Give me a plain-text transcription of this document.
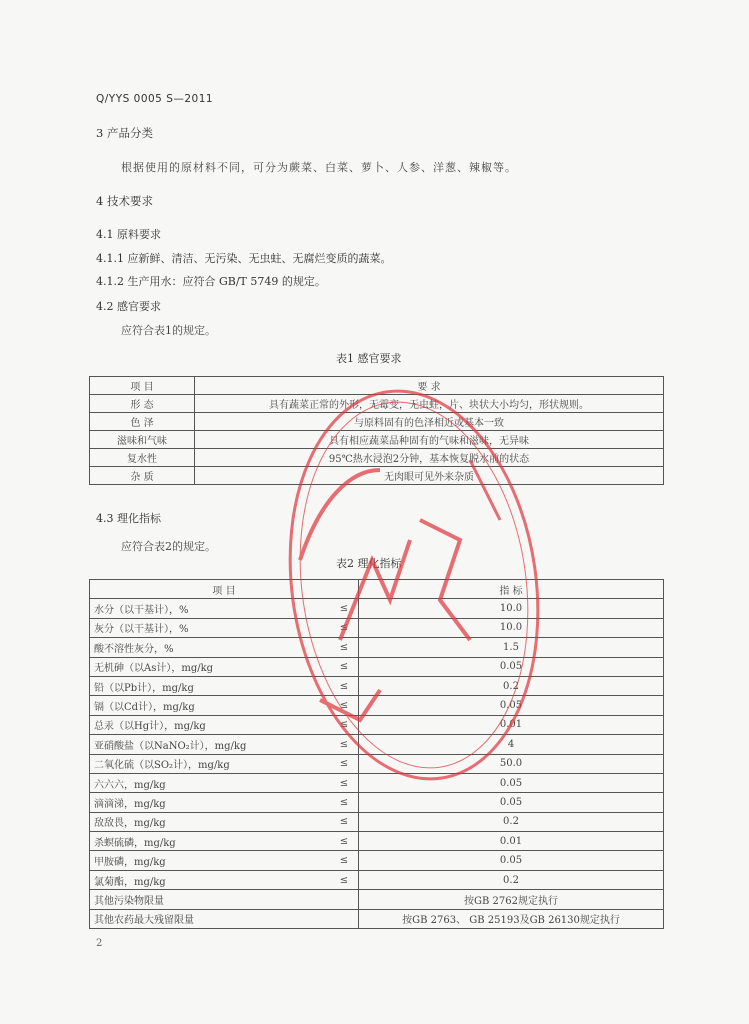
Q/YYS 0005 S—2011
3 产品分类
根据使用的原材料不同，可分为蕨菜、白菜、萝卜、人参、洋葱、辣椒等。
4 技术要求
4.1 原料要求
4.1.1 应新鲜、清洁、无污染、无虫蛀、无腐烂变质的蔬菜。
4.1.2 生产用水：应符合 GB/T 5749 的规定。
4.2 感官要求
应符合表1的规定。
表1 感官要求
项 目	要 求
形 态	具有蔬菜正常的外形，无霉变，无虫蛀，片、块状大小均匀，形状规则。
色 泽	与原料固有的色泽相近或基本一致
滋味和气味	具有相应蔬菜品种固有的气味和滋味，无异味
复水性	95℃热水浸泡2分钟，基本恢复脱水前的状态
杂 质	无肉眼可见外来杂质
4.3 理化指标
应符合表2的规定。
表2 理化指标
项 目		指 标
水分（以干基计），%	≤	10.0
灰分（以干基计），%	≤	10.0
酸不溶性灰分，%	≤	1.5
无机砷（以As计），mg/kg	≤	0.05
铅（以Pb计），mg/kg	≤	0.2
镉（以Cd计），mg/kg	≤	0.05
总汞（以Hg计），mg/kg	≤	0.01
亚硝酸盐（以NaNO₂计），mg/kg	≤	4
二氧化硫（以SO₂计），mg/kg	≤	50.0
六六六，mg/kg	≤	0.05
滴滴涕，mg/kg	≤	0.05
敌敌畏，mg/kg	≤	0.2
杀螟硫磷，mg/kg	≤	0.01
甲胺磷，mg/kg	≤	0.05
氯菊酯，mg/kg	≤	0.2
其他污染物限量		按GB 2762规定执行
其他农药最大残留限量		按GB 2763、 GB 25193及GB 26130规定执行
2
